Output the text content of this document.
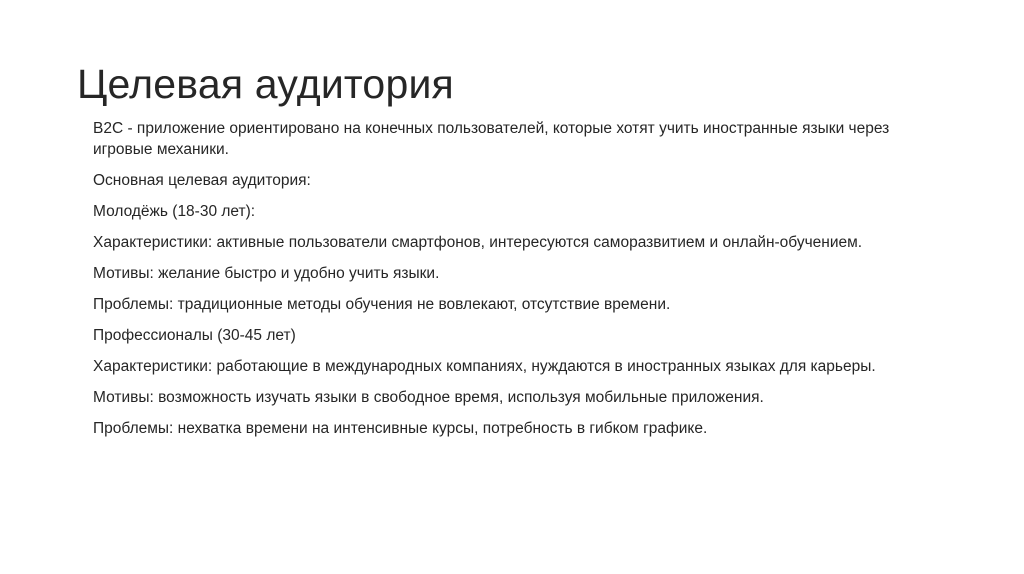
Целевая аудитория
B2C - приложение ориентировано на конечных пользователей, которые хотят учить иностранные языки через игровые механики.
Основная целевая аудитория:
Молодёжь (18-30 лет):
Характеристики: активные пользователи смартфонов, интересуются саморазвитием и онлайн-обучением.
Мотивы: желание быстро и удобно учить языки.
Проблемы: традиционные методы обучения не вовлекают, отсутствие времени.
Профессионалы (30-45 лет)
Характеристики: работающие в международных компаниях, нуждаются в иностранных языках для карьеры.
Мотивы: возможность изучать языки в свободное время, используя мобильные приложения.
Проблемы: нехватка времени на интенсивные курсы, потребность в гибком графике.
